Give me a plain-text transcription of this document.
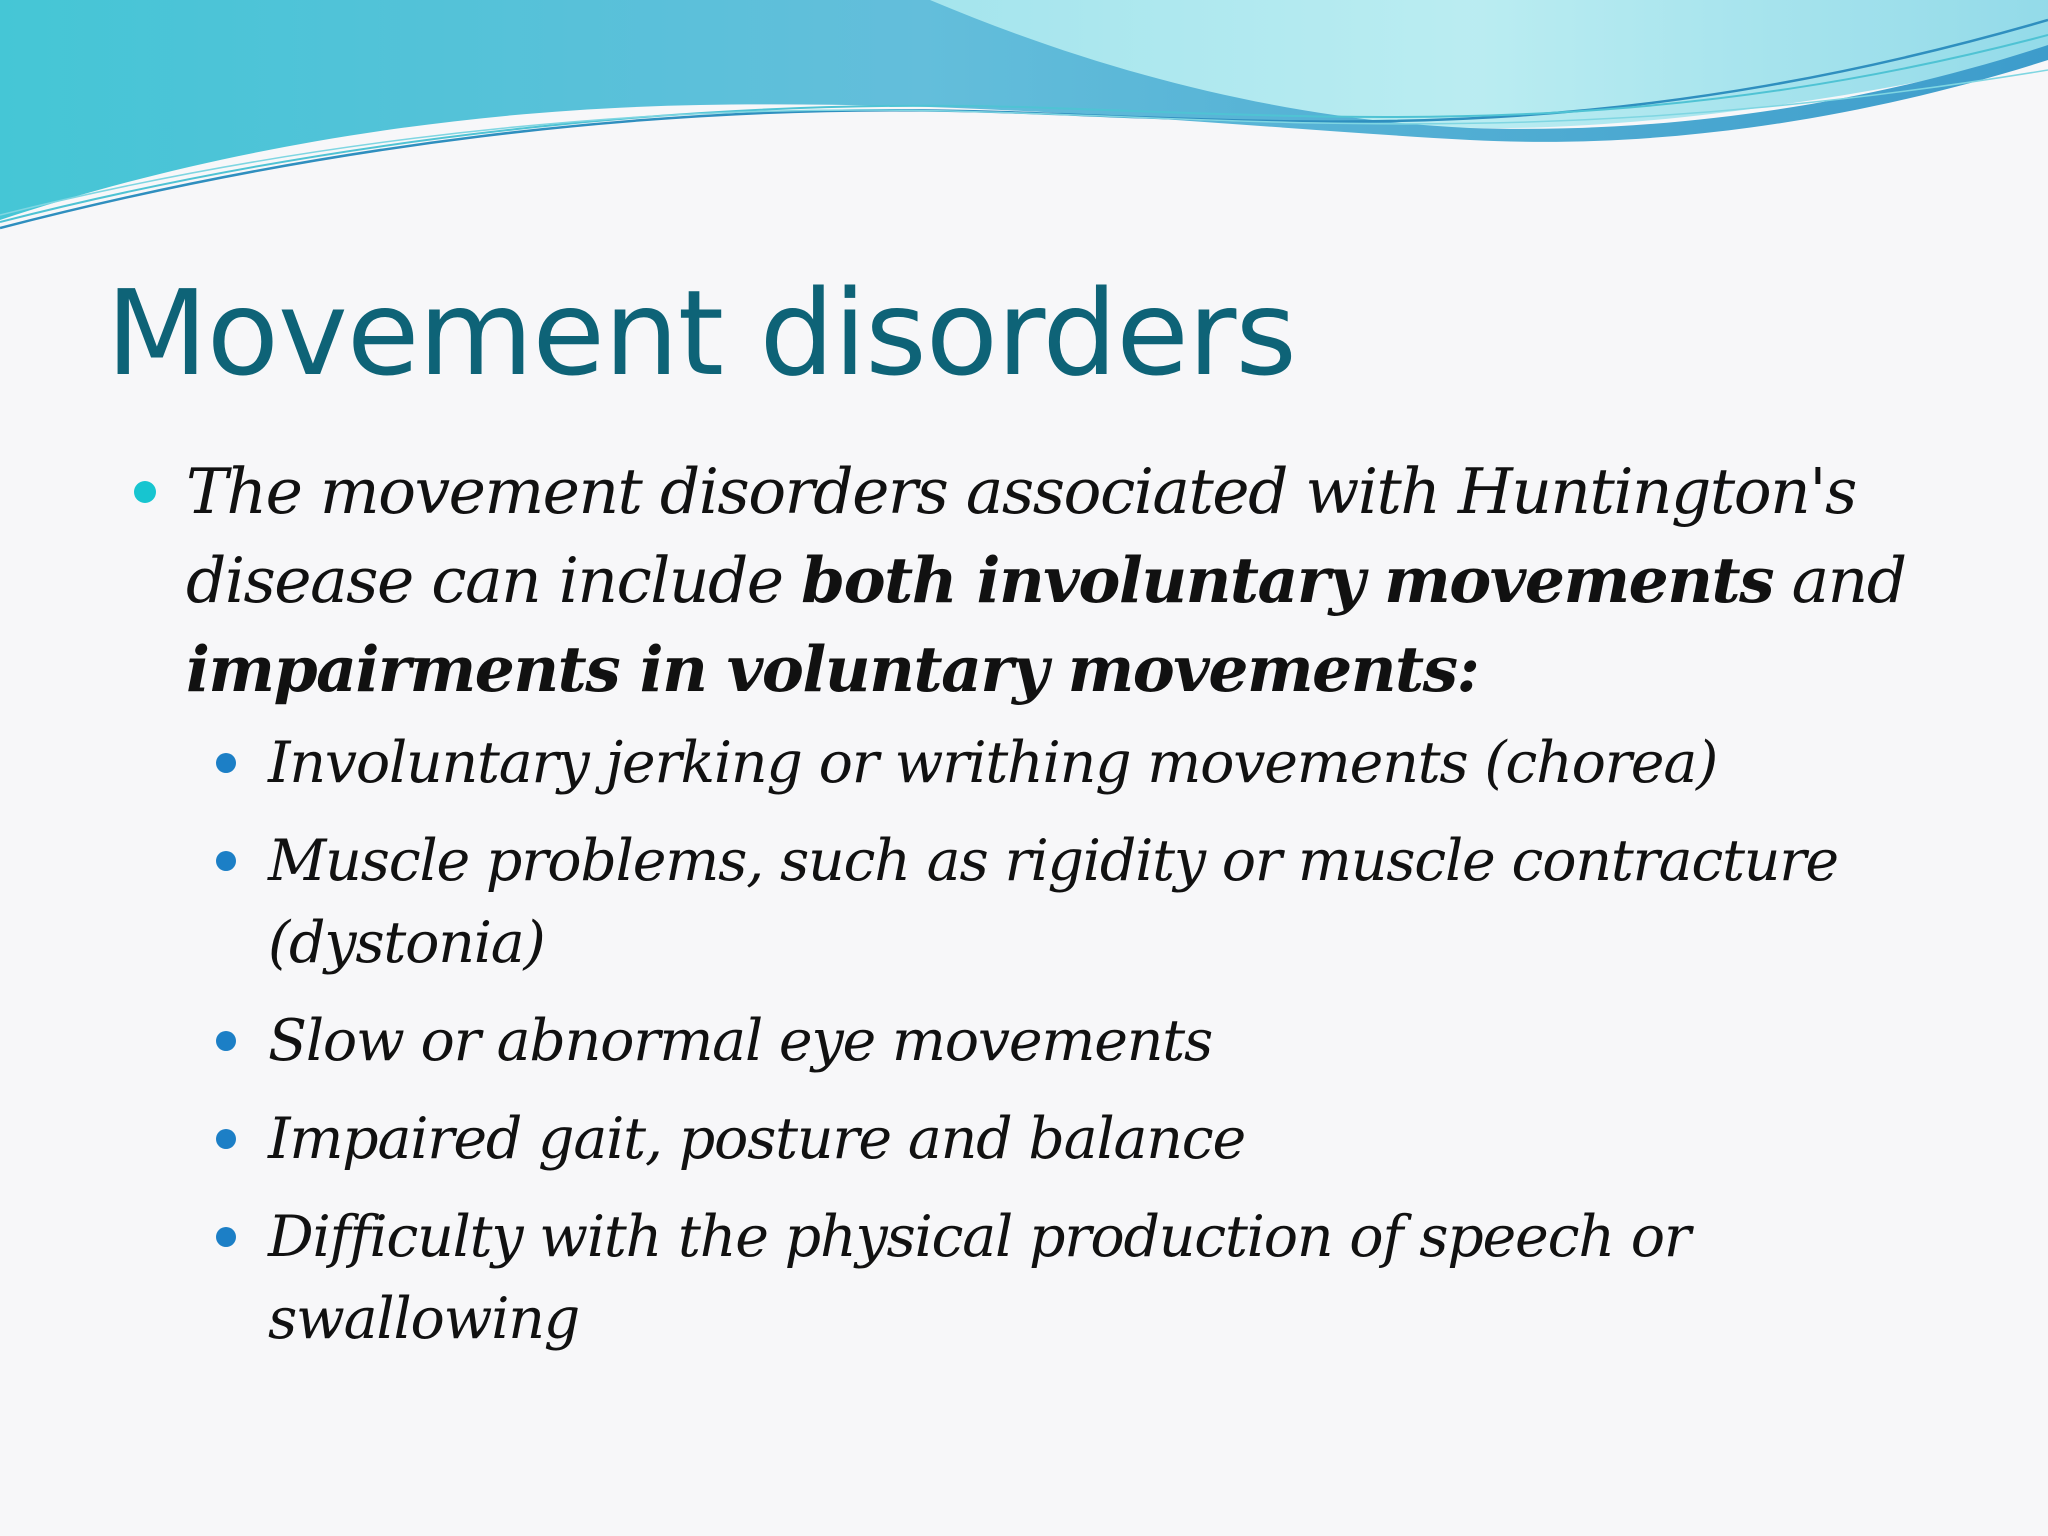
Movement disorders

The movement disorders associated with Huntington's disease can include both involuntary movements and impairments in voluntary movements:

Involuntary jerking or writhing movements (chorea)
Muscle problems, such as rigidity or muscle contracture (dystonia)
Slow or abnormal eye movements
Impaired gait, posture and balance
Difficulty with the physical production of speech or swallowing
